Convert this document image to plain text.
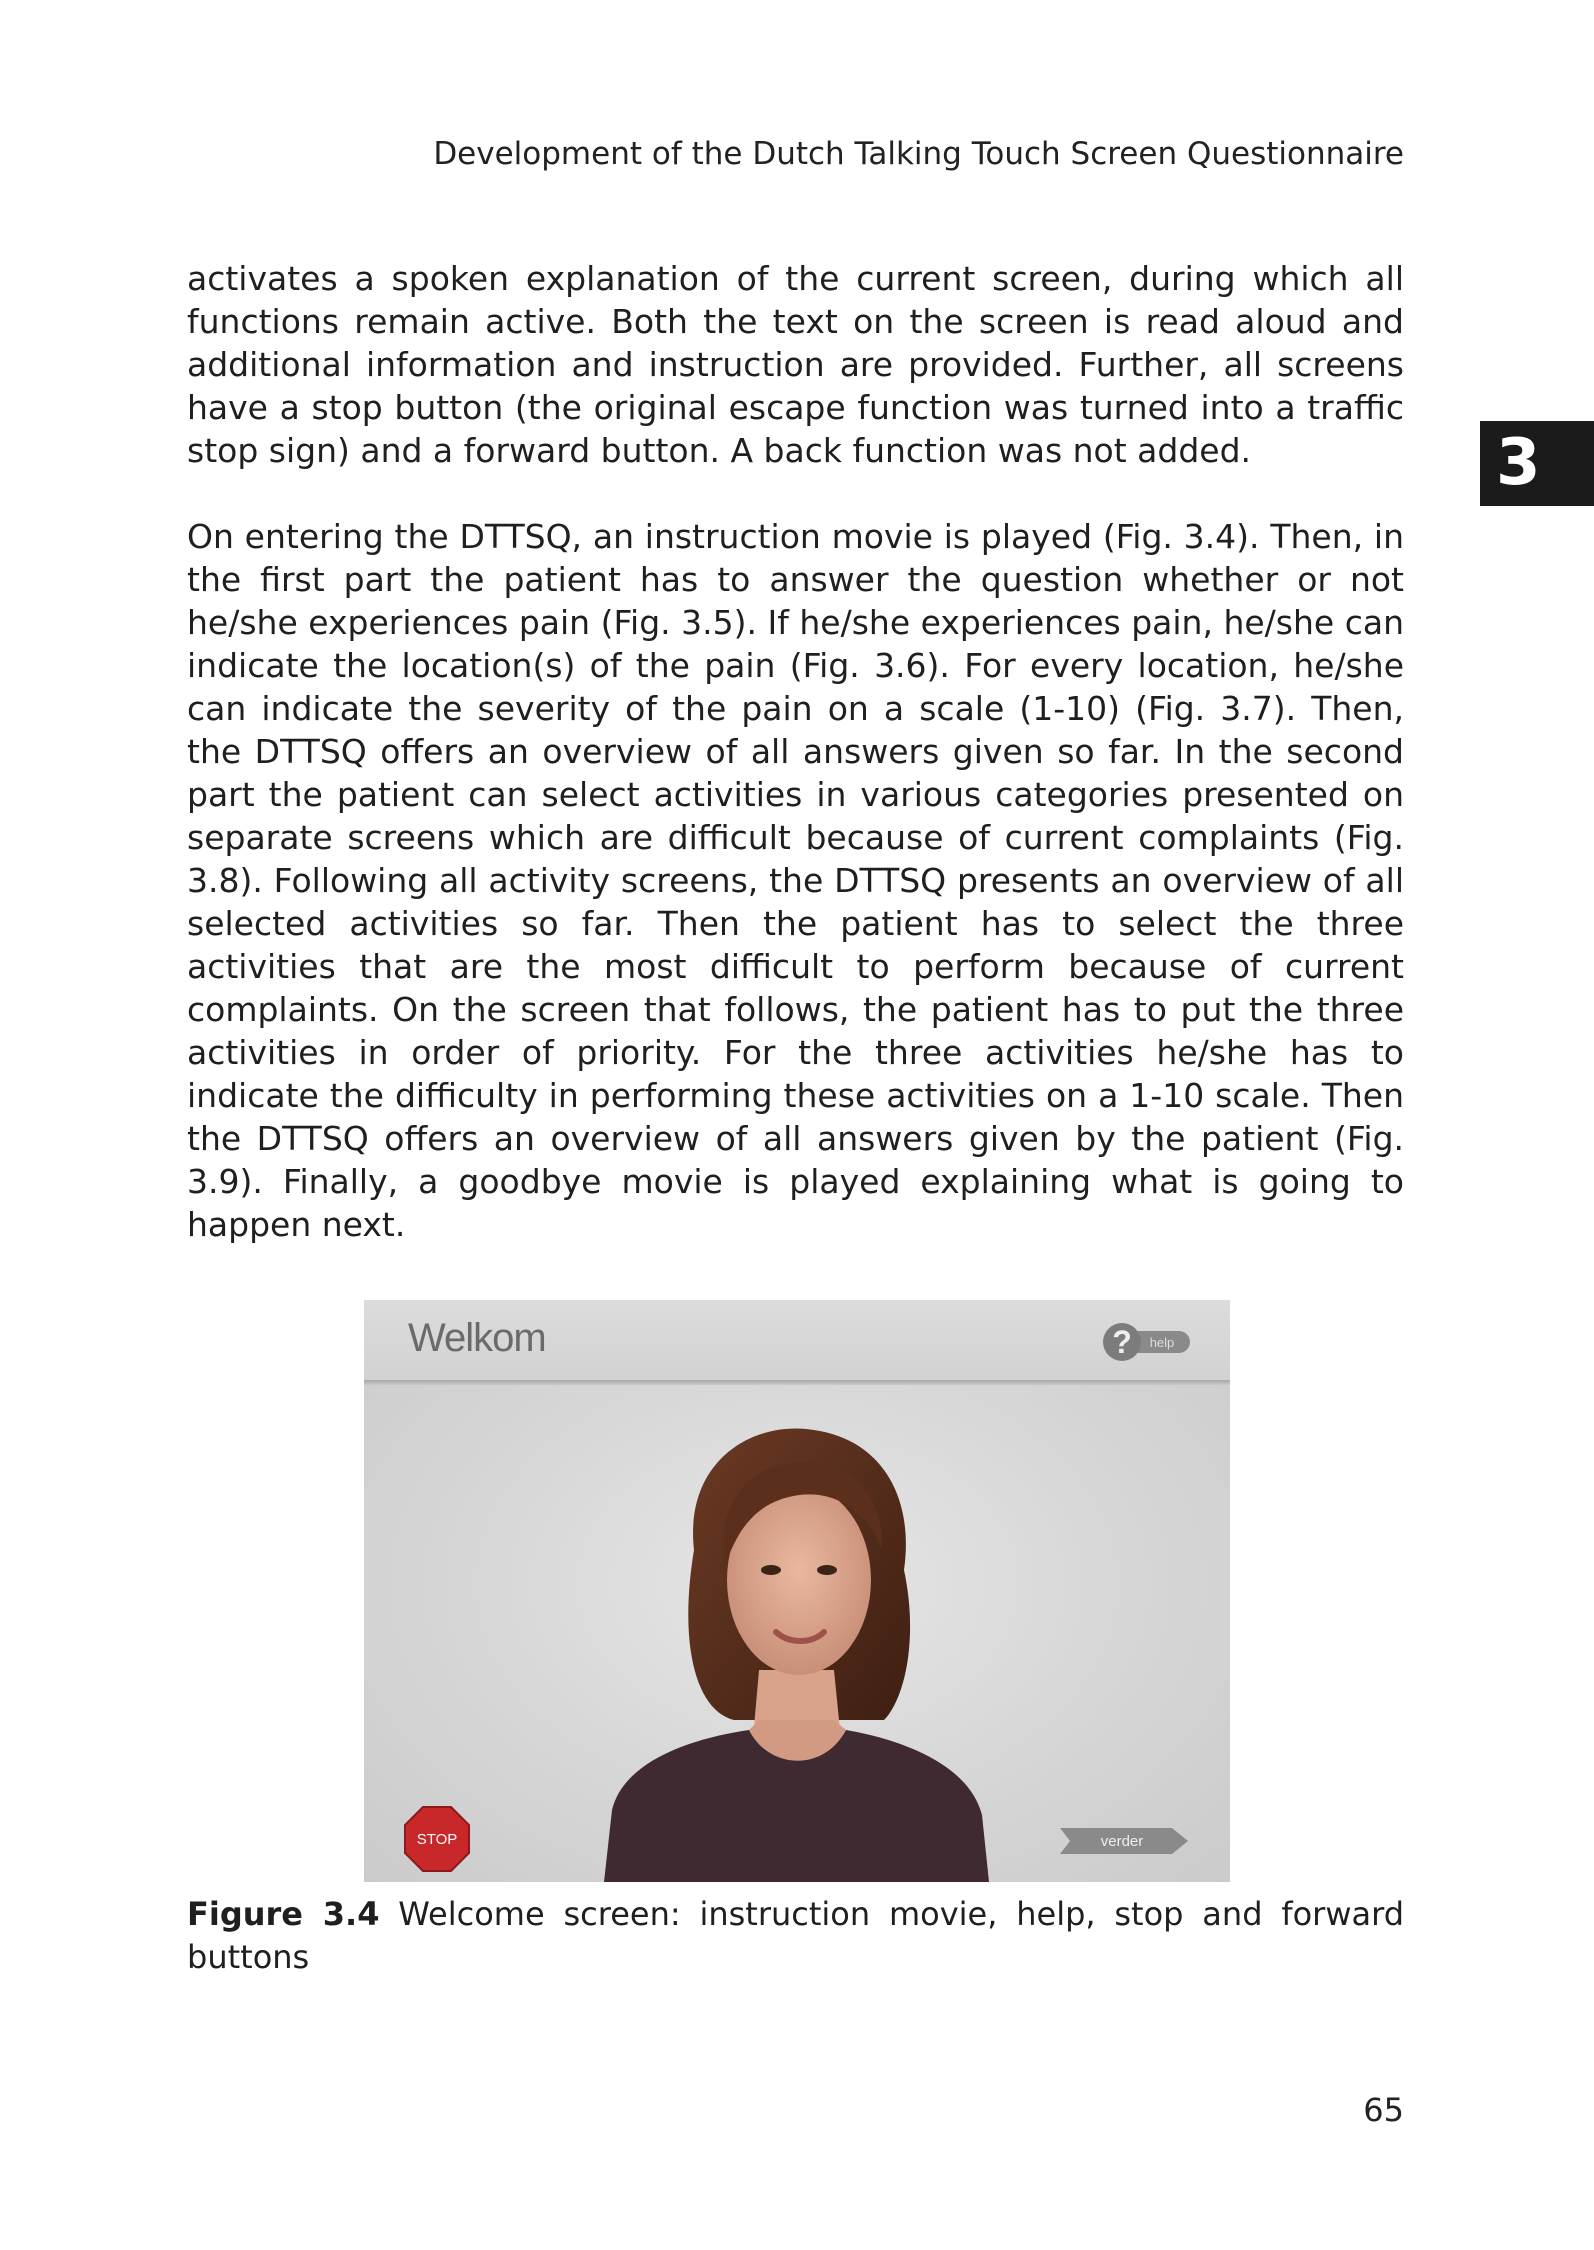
Development of the Dutch Talking Touch Screen Questionnaire
3

activates a spoken explanation of the current screen, during which all functions remain active. Both the text on the screen is read aloud and additional information and instruction are provided. Further, all screens have a stop button (the original escape function was turned into a traffic stop sign) and a forward button. A back function was not added.

On entering the DTTSQ, an instruction movie is played (Fig. 3.4). Then, in the first part the patient has to answer the question whether or not he/she experiences pain (Fig. 3.5). If he/she experiences pain, he/she can indicate the location(s) of the pain (Fig. 3.6). For every location, he/she can indicate the severity of the pain on a scale (1-10) (Fig. 3.7). Then, the DTTSQ offers an overview of all answers given so far. In the second part the patient can select activities in various categories presented on separate screens which are difficult because of current complaints (Fig. 3.8). Following all activity screens, the DTTSQ presents an overview of all selected activities so far. Then the patient has to select the three activities that are the most difficult to perform because of current complaints. On the screen that follows, the patient has to put the three activities in order of priority. For the three activities he/she has to indicate the difficulty in performing these activities on a 1-10 scale. Then the DTTSQ offers an overview of all answers given by the patient (Fig. 3.9). Finally, a goodbye movie is played explaining what is going to happen next.

Welkom	? help
STOP	verder

Figure 3.4 Welcome screen: instruction movie, help, stop and forward buttons

65
